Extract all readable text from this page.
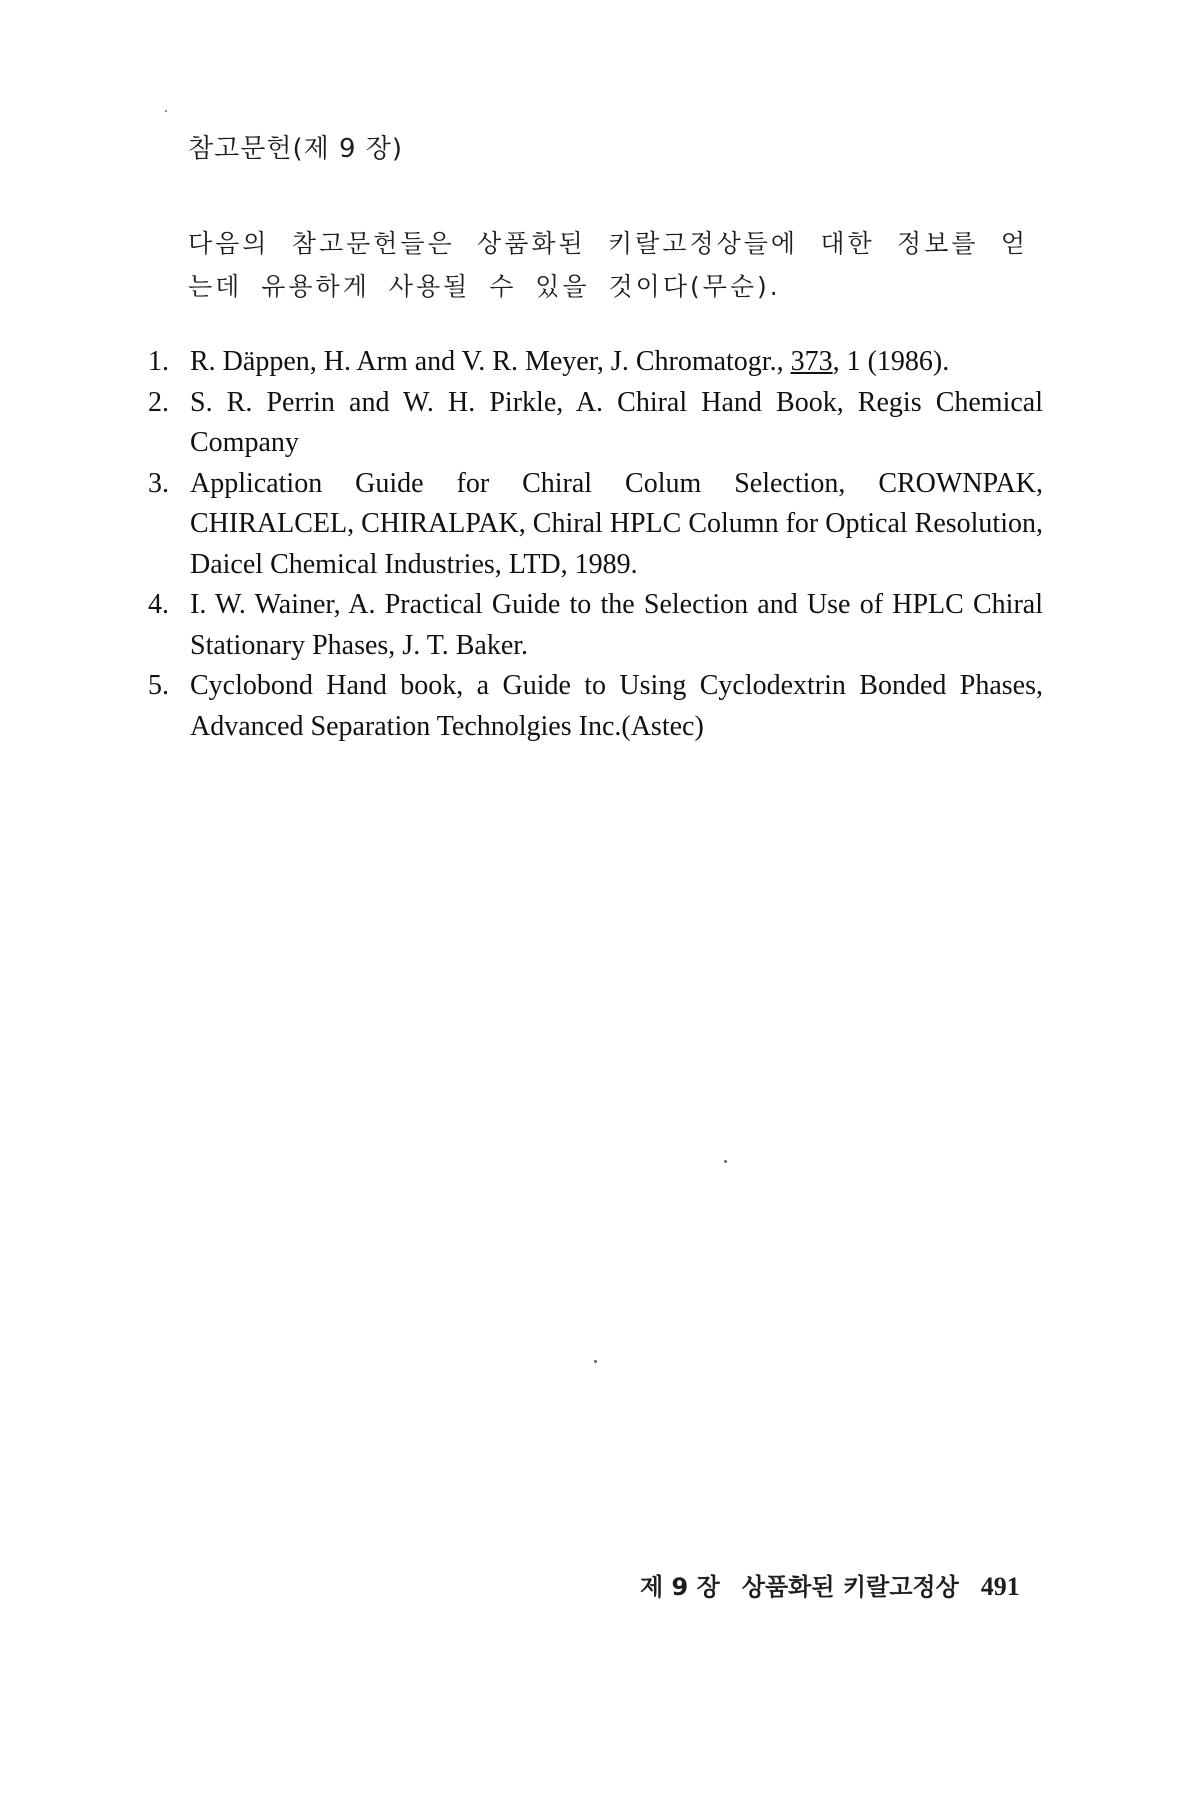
참고문헌(제 9 장)
다음의 참고문헌들은 상품화된 키랄고정상들에 대한 정보를 얻는데 유용하게 사용될 수 있을 것이다(무순).
1. R. Däppen, H. Arm and V. R. Meyer, J. Chromatogr., 373, 1 (1986).
2. S. R. Perrin and W. H. Pirkle, A. Chiral Hand Book, Regis Chemical Company
3. Application Guide for Chiral Colum Selection, CROWNPAK, CHIRALCEL, CHIRALPAK, Chiral HPLC Column for Optical Resolution, Daicel Chemical Industries, LTD, 1989.
4. I. W. Wainer, A. Practical Guide to the Selection and Use of HPLC Chiral Stationary Phases, J. T. Baker.
5. Cyclobond Hand book, a Guide to Using Cyclodextrin Bonded Phases, Advanced Separation Technolgies Inc.(Astec)
제 9 장 상품화된 키랄고정상 491
